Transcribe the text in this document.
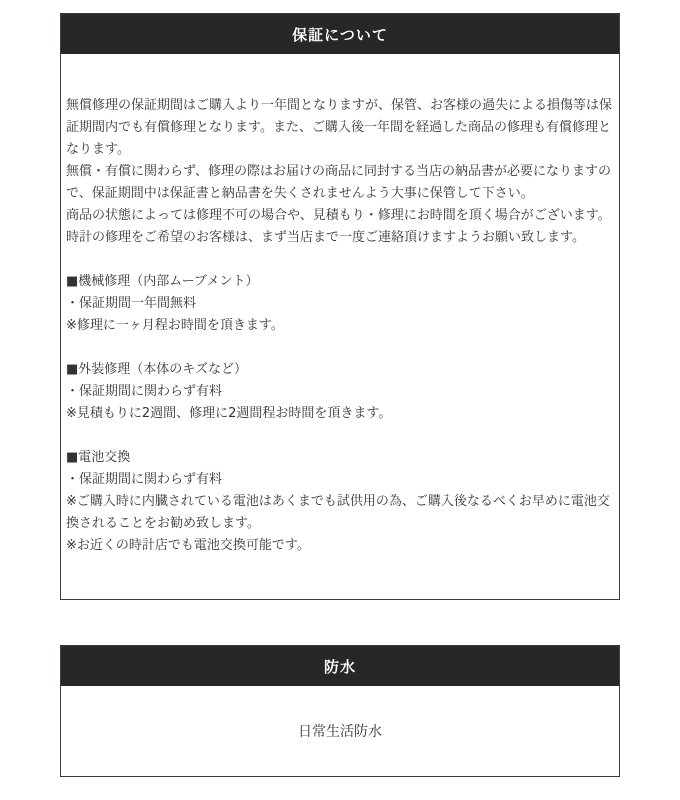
保証について

無償修理の保証期間はご購入より一年間となりますが、保管、お客様の過失による損傷等は保証期間内でも有償修理となります。また、ご購入後一年間を経過した商品の修理も有償修理となります。

無償・有償に関わらず、修理の際はお届けの商品に同封する当店の納品書が必要になりますので、保証期間中は保証書と納品書を失くされませんよう大事に保管して下さい。

商品の状態によっては修理不可の場合や、見積もり・修理にお時間を頂く場合がございます。

時計の修理をご希望のお客様は、まず当店まで一度ご連絡頂けますようお願い致します。

■機械修理（内部ムーブメント）

・保証期間一年間無料

※修理に一ヶ月程お時間を頂きます。

■外装修理（本体のキズなど）

・保証期間に関わらず有料

※見積もりに2週間、修理に2週間程お時間を頂きます。

■電池交換

・保証期間に関わらず有料

※ご購入時に内臓されている電池はあくまでも試供用の為、ご購入後なるべくお早めに電池交換されることをお勧め致します。

※お近くの時計店でも電池交換可能です。

防水

日常生活防水
